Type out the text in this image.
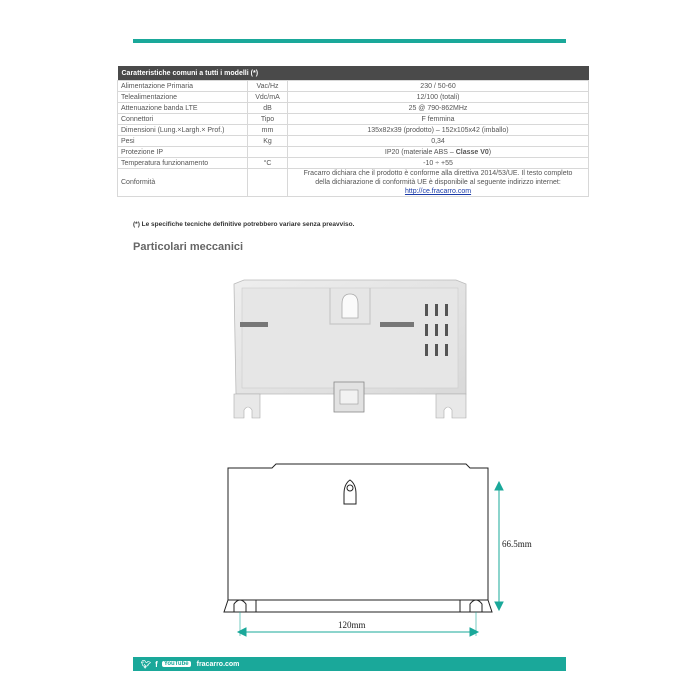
Caratteristiche comuni a tutti i modelli (*)		
Alimentazione Primaria	Vac/Hz	230 / 50-60
Telealimentazione	Vdc/mA	12/100 (totali)
Attenuazione banda LTE	dB	25 @ 790-862MHz
Connettori	Tipo	F femmina
Dimensioni (Lung.×Largh.× Prof.)	mm	135x82x39 (prodotto) – 152x105x42 (imballo)
Pesi	Kg	0,34
Protezione IP		IP20 (materiale ABS – Classe V0)
Temperatura funzionamento	°C	-10 ÷ +55
Conformità		Fracarro dichiara che il prodotto è conforme alla direttiva 2014/53/UE. Il testo completo
della dichiarazione di conformità UE è disponibile al seguente indirizzo internet:
http://ce.fracarro.com
(*) Le specifiche tecniche definitive potrebbero variare senza preavviso.
Particolari meccanici
66.5mm
120mm
🐦︎ f	YouTube fracarro.com
